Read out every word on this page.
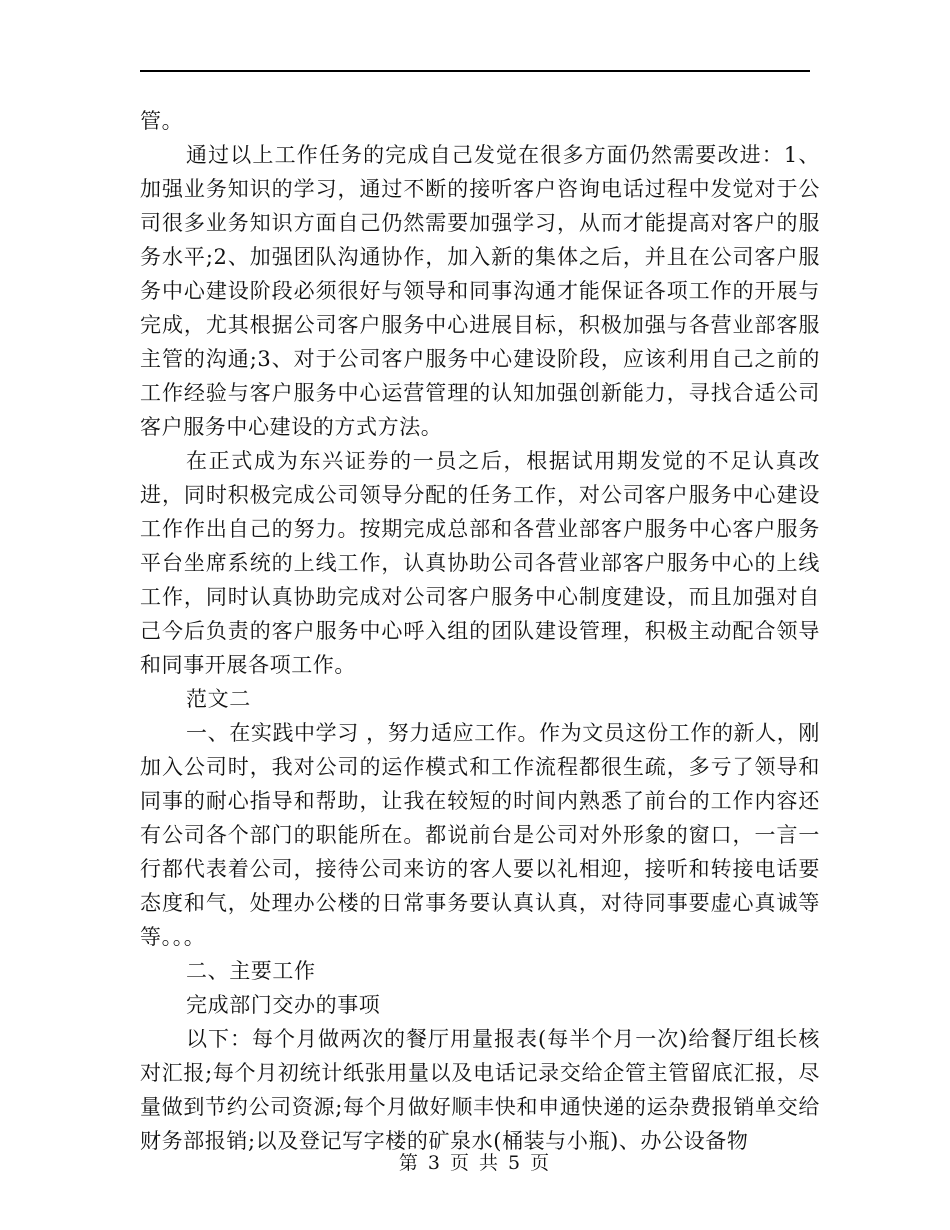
管。

通过以上工作任务的完成自己发觉在很多方面仍然需要改进：1、加强业务知识的学习，通过不断的接听客户咨询电话过程中发觉对于公司很多业务知识方面自己仍然需要加强学习，从而才能提高对客户的服务水平;2、加强团队沟通协作，加入新的集体之后，并且在公司客户服务中心建设阶段必须很好与领导和同事沟通才能保证各项工作的开展与完成，尤其根据公司客户服务中心进展目标，积极加强与各营业部客服主管的沟通;3、对于公司客户服务中心建设阶段，应该利用自己之前的工作经验与客户服务中心运营管理的认知加强创新能力，寻找合适公司客户服务中心建设的方式方法。

在正式成为东兴证券的一员之后，根据试用期发觉的不足认真改进，同时积极完成公司领导分配的任务工作，对公司客户服务中心建设工作作出自己的努力。按期完成总部和各营业部客户服务中心客户服务平台坐席系统的上线工作，认真协助公司各营业部客户服务中心的上线工作，同时认真协助完成对公司客户服务中心制度建设，而且加强对自己今后负责的客户服务中心呼入组的团队建设管理，积极主动配合领导和同事开展各项工作。

范文二

一、在实践中学习 ，努力适应工作。作为文员这份工作的新人，刚加入公司时，我对公司的运作模式和工作流程都很生疏，多亏了领导和同事的耐心指导和帮助，让我在较短的时间内熟悉了前台的工作内容还有公司各个部门的职能所在。都说前台是公司对外形象的窗口，一言一行都代表着公司，接待公司来访的客人要以礼相迎，接听和转接电话要态度和气，处理办公楼的日常事务要认真认真，对待同事要虚心真诚等等。。。

二、主要工作

完成部门交办的事项

以下：每个月做两次的餐厅用量报表(每半个月一次)给餐厅组长核对汇报;每个月初统计纸张用量以及电话记录交给企管主管留底汇报，尽量做到节约公司资源;每个月做好顺丰快和申通快递的运杂费报销单交给财务部报销;以及登记写字楼的矿泉水(桶装与小瓶)、办公设备物

第 3 页 共 5 页
